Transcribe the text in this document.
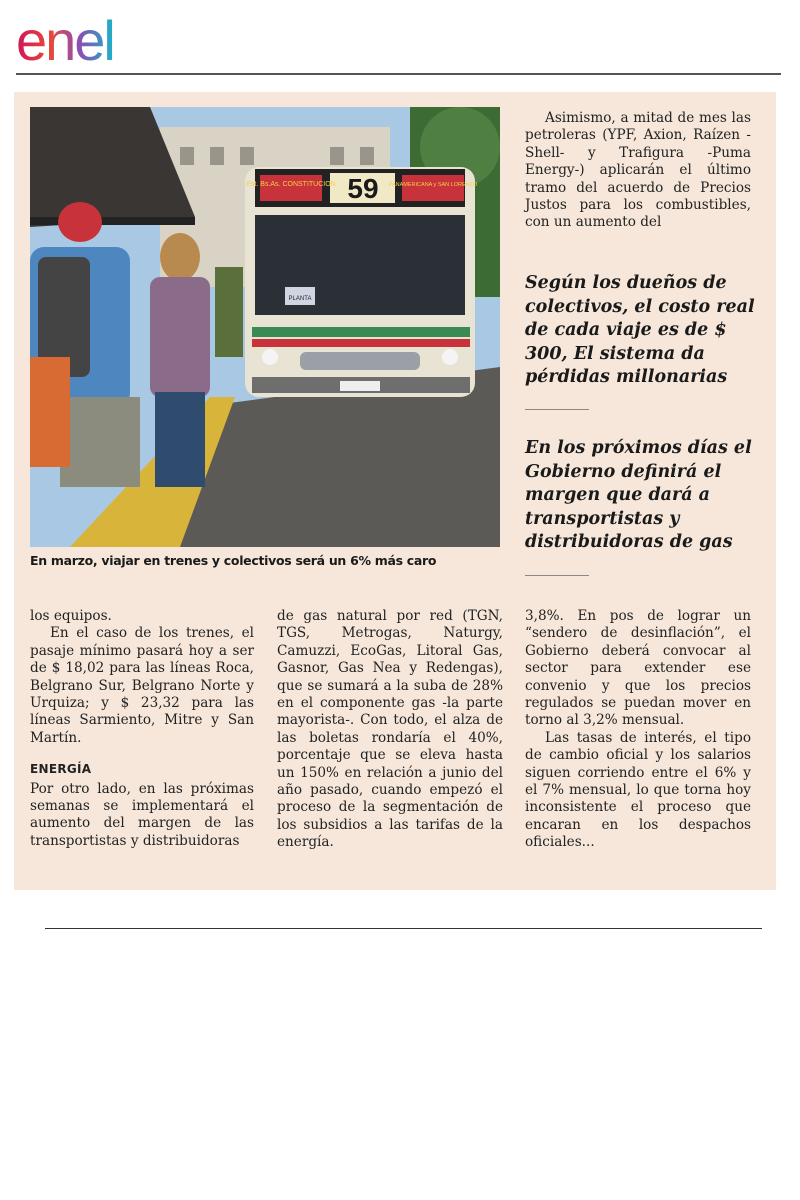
enel
59
Est. Bs.As. CONSTITUCION	PANAMERICANA y SAN LORENZO
PLANTA
En marzo, viajar en trenes y colectivos será un 6% más caro

Asimismo, a mitad de mes las petroleras (YPF, Axion, Raízen -Shell- y Trafigura -Puma Energy-) aplicarán el último tramo del acuerdo de Precios Justos para los combustibles, con un aumento del

Según los dueños de colectivos, el costo real de cada viaje es de $ 300, El sistema da pérdidas millonarias
En los próximos días el Gobierno definirá el margen que dará a transportistas y distribuidoras de gas

los equipos.

En el caso de los trenes, el pasaje mínimo pasará hoy a ser de $ 18,02 para las líneas Roca, Belgrano Sur, Belgrano Norte y Urquiza; y $ 23,32 para las líneas Sarmiento, Mitre y San Martín.

ENERGÍA

Por otro lado, en las próximas semanas se implementará el aumento del margen de las transportistas y distribuidoras

de gas natural por red (TGN, TGS, Metrogas, Naturgy, Camuzzi, EcoGas, Litoral Gas, Gasnor, Gas Nea y Redengas), que se sumará a la suba de 28% en el componente gas -la parte mayorista-. Con todo, el alza de las boletas rondaría el 40%, porcentaje que se eleva hasta un 150% en relación a junio del año pasado, cuando empezó el proceso de la segmentación de los subsidios a las tarifas de la energía.

3,8%. En pos de lograr un “sendero de desinflación”, el Gobierno deberá convocar al sector para extender ese convenio y que los precios regulados se puedan mover en torno al 3,2% mensual.

Las tasas de interés, el tipo de cambio oficial y los salarios siguen corriendo entre el 6% y el 7% mensual, lo que torna hoy inconsistente el proceso que encaran en los despachos oficiales...
